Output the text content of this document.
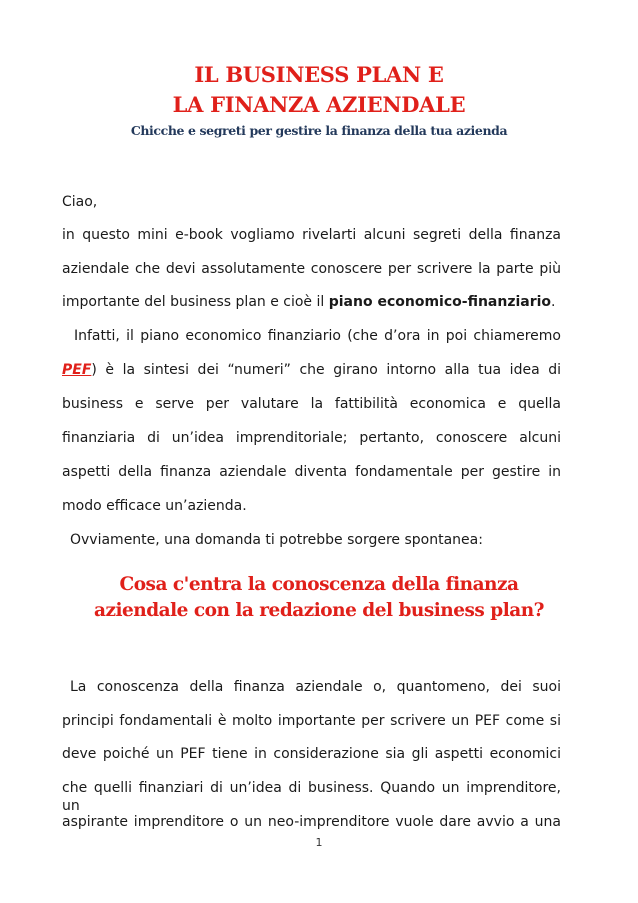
IL BUSINESS PLAN E
LA FINANZA AZIENDALE
Chicche e segreti per gestire la finanza della tua azienda
Ciao,
in questo mini e-book vogliamo rivelarti alcuni segreti della finanza
aziendale che devi assolutamente conoscere per scrivere la parte più
importante del business plan e cioè il piano economico-finanziario.
Infatti, il piano economico finanziario (che d’ora in poi chiameremo
PEF) è la sintesi dei “numeri” che girano intorno alla tua idea di
business e serve per valutare la fattibilità economica e quella
finanziaria di un’idea imprenditoriale; pertanto, conoscere alcuni
aspetti della finanza aziendale diventa fondamentale per gestire in
modo efficace un’azienda.
Ovviamente, una domanda ti potrebbe sorgere spontanea:
Cosa c'entra la conoscenza della finanza
aziendale con la redazione del business plan?
La conoscenza della finanza aziendale o, quantomeno, dei suoi
principi fondamentali è molto importante per scrivere un PEF come si
deve poiché un PEF tiene in considerazione sia gli aspetti economici
che quelli finanziari di un’idea di business. Quando un imprenditore, un
aspirante imprenditore o un neo-imprenditore vuole dare avvio a una
1
